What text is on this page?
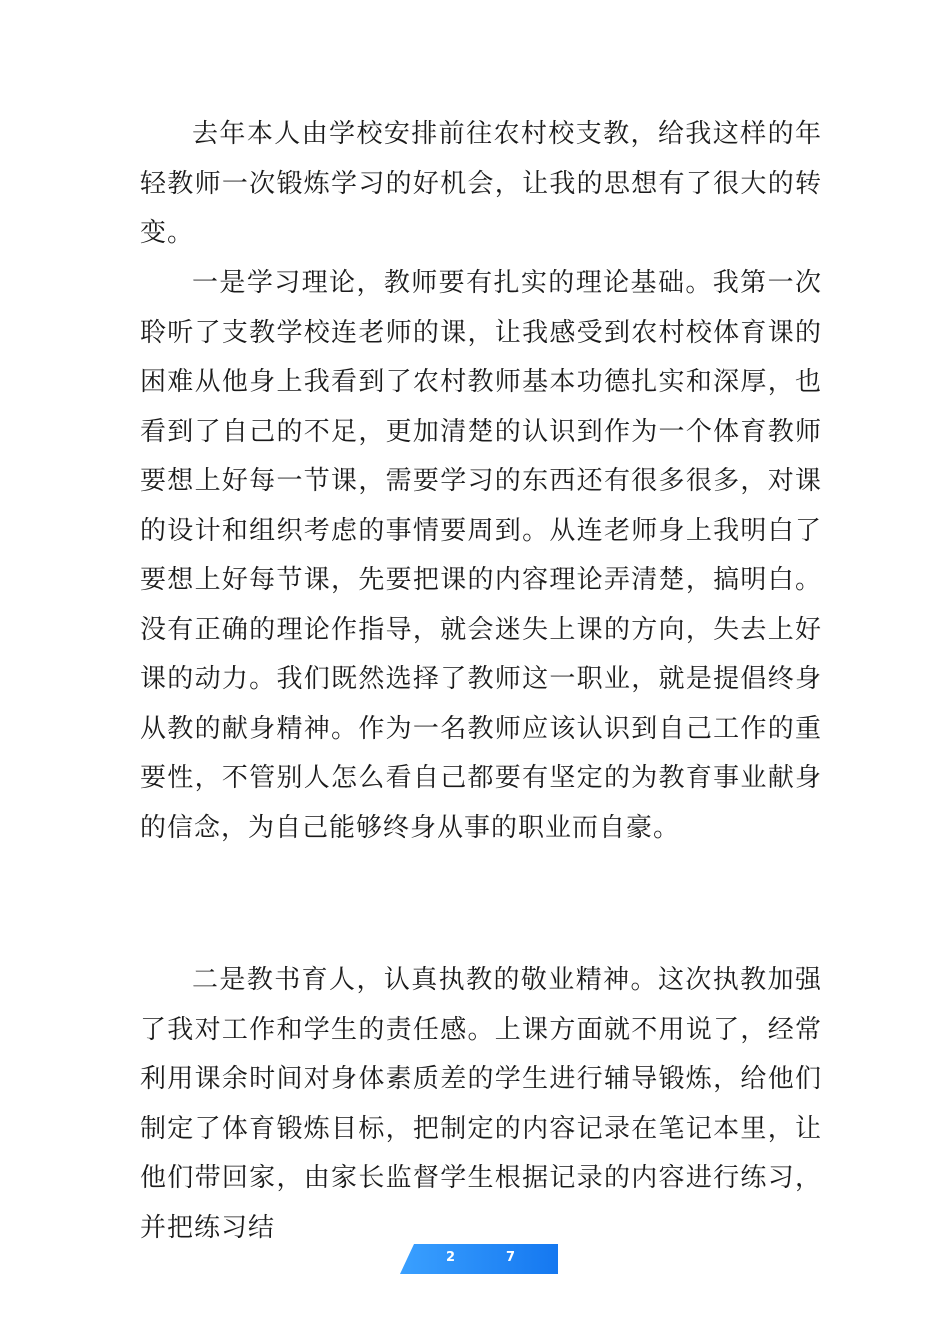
去年本人由学校安排前往农村校支教，给我这样的年轻教师一次锻炼学习的好机会，让我的思想有了很大的转变。

一是学习理论，教师要有扎实的理论基础。我第一次聆听了支教学校连老师的课，让我感受到农村校体育课的困难从他身上我看到了农村教师基本功德扎实和深厚，也看到了自己的不足，更加清楚的认识到作为一个体育教师要想上好每一节课，需要学习的东西还有很多很多，对课的设计和组织考虑的事情要周到。从连老师身上我明白了要想上好每节课，先要把课的内容理论弄清楚，搞明白。没有正确的理论作指导，就会迷失上课的方向，失去上好课的动力。我们既然选择了教师这一职业，就是提倡终身从教的献身精神。作为一名教师应该认识到自己工作的重要性，不管别人怎么看自己都要有坚定的为教育事业献身的信念，为自己能够终身从事的职业而自豪。

二是教书育人，认真执教的敬业精神。这次执教加强了我对工作和学生的责任感。上课方面就不用说了，经常利用课余时间对身体素质差的学生进行辅导锻炼，给他们制定了体育锻炼目标，把制定的内容记录在笔记本里，让他们带回家，由家长监督学生根据记录的内容进行练习，并把练习结

2	7
